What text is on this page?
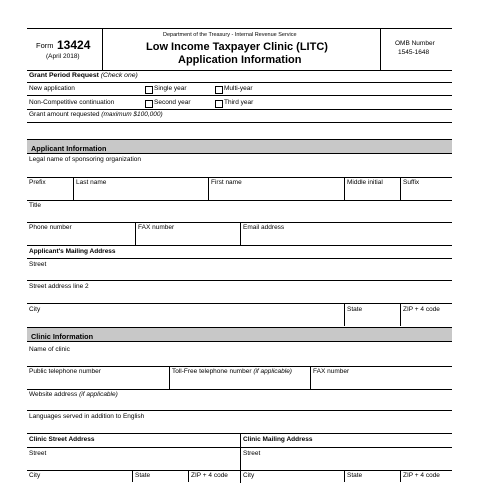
Form 13424
(April 2018)
Department of the Treasury - Internal Revenue Service
Low Income Taxpayer Clinic (LITC)
Application Information
OMB Number
1545-1648
Grant Period Request (Check one)
New application	Single year	Multi-year
Non-Competitive continuation	Second year	Third year
Grant amount requested (maximum $100,000)
Applicant Information
Legal name of sponsoring organization
Prefix	Last name	First name	Middle initial	Suffix
Title
Phone number	FAX number	Email address
Applicant's Mailing Address
Street
Street address line 2
City	State	ZIP + 4 code
Clinic Information
Name of clinic
Public telephone number	Toll-Free telephone number (if applicable)	FAX number
Website address (if applicable)
Languages served in addition to English
Clinic Street Address	Clinic Mailing Address
Street	Street
City	State	ZIP + 4 code City	State	ZIP + 4 code
